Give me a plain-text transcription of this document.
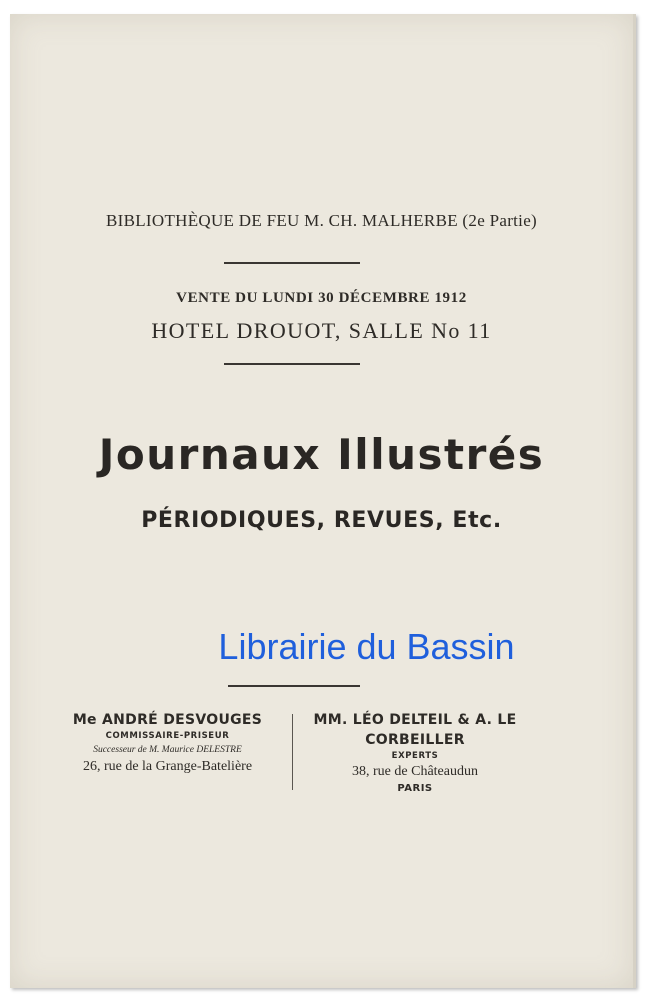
BIBLIOTHÈQUE DE FEU M. CH. MALHERBE (2e Partie)
VENTE DU LUNDI 30 DÉCEMBRE 1912
HOTEL DROUOT, SALLE No 11
Journaux Illustrés
PÉRIODIQUES, REVUES, Etc.
Librairie du Bassin
Me ANDRÉ DESVOUGES
COMMISSAIRE-PRISEUR
Successeur de M. Maurice DELESTRE
26, rue de la Grange-Batelière
MM. LÉO DELTEIL & A. LE CORBEILLER
EXPERTS
38, rue de Châteaudun
PARIS
